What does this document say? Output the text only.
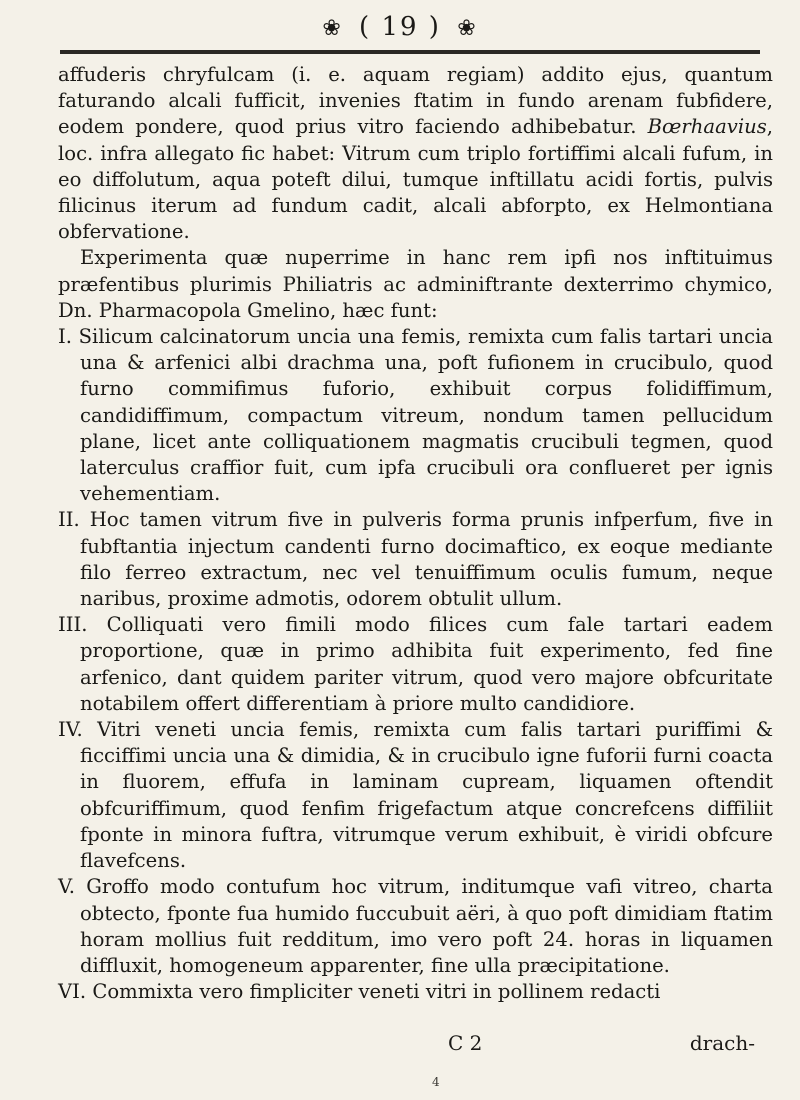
❀ ( 19 ) ❀

affuderis chryfulcam (i. e. aquam regiam) addito ejus, quantum faturando alcali fufficit, invenies ftatim in fundo arenam fubfidere, eodem pondere, quod prius vitro faciendo adhibebatur. Bœrhaavius, loc. infra allegato fic habet: Vitrum cum triplo fortiffimi alcali fufum, in eo diffolutum, aqua poteft dilui, tumque inftillatu acidi fortis, pulvis filicinus iterum ad fundum cadit, alcali abforpto, ex Helmontiana obfervatione.

Experimenta quæ nuperrime in hanc rem ipfi nos inftituimus præfentibus plurimis Philiatris ac adminiftrante dexterrimo chymico, Dn. Pharmacopola Gmelino, hæc funt:

I. Silicum calcinatorum uncia una femis, remixta cum falis tartari uncia una & arfenici albi drachma una, poft fufionem in crucibulo, quod furno commifimus fuforio, exhibuit corpus folidiffimum, candidiffimum, compactum vitreum, nondum tamen pellucidum plane, licet ante colliquationem magmatis crucibuli tegmen, quod laterculus craffior fuit, cum ipfa crucibuli ora conflueret per ignis vehementiam.

II. Hoc tamen vitrum five in pulveris forma prunis infperfum, five in fubftantia injectum candenti furno docimaftico, ex eoque mediante filo ferreo extractum, nec vel tenuiffimum oculis fumum, neque naribus, proxime admotis, odorem obtulit ullum.

III. Colliquati vero fimili modo filices cum fale tartari eadem proportione, quæ in primo adhibita fuit experimento, fed fine arfenico, dant quidem pariter vitrum, quod vero majore obfcuritate notabilem offert differentiam à priore multo candidiore.

IV. Vitri veneti uncia femis, remixta cum falis tartari puriffimi & ficciffimi uncia una & dimidia, & in crucibulo igne fuforii furni coacta in fluorem, effufa in laminam cupream, liquamen oftendit obfcuriffimum, quod fenfim frigefactum atque concrefcens diffiliit fponte in minora fuftra, vitrumque verum exhibuit, è viridi obfcure flavefcens.

V. Groffo modo contufum hoc vitrum, inditumque vafi vitreo, charta obtecto, fponte fua humido fuccubuit aëri, à quo poft dimidiam ftatim horam mollius fuit redditum, imo vero poft 24. horas in liquamen diffluxit, homogeneum apparenter, fine ulla præcipitatione.

VI. Commixta vero fimpliciter veneti vitri in pollinem redacti

C 2	drach-
4
